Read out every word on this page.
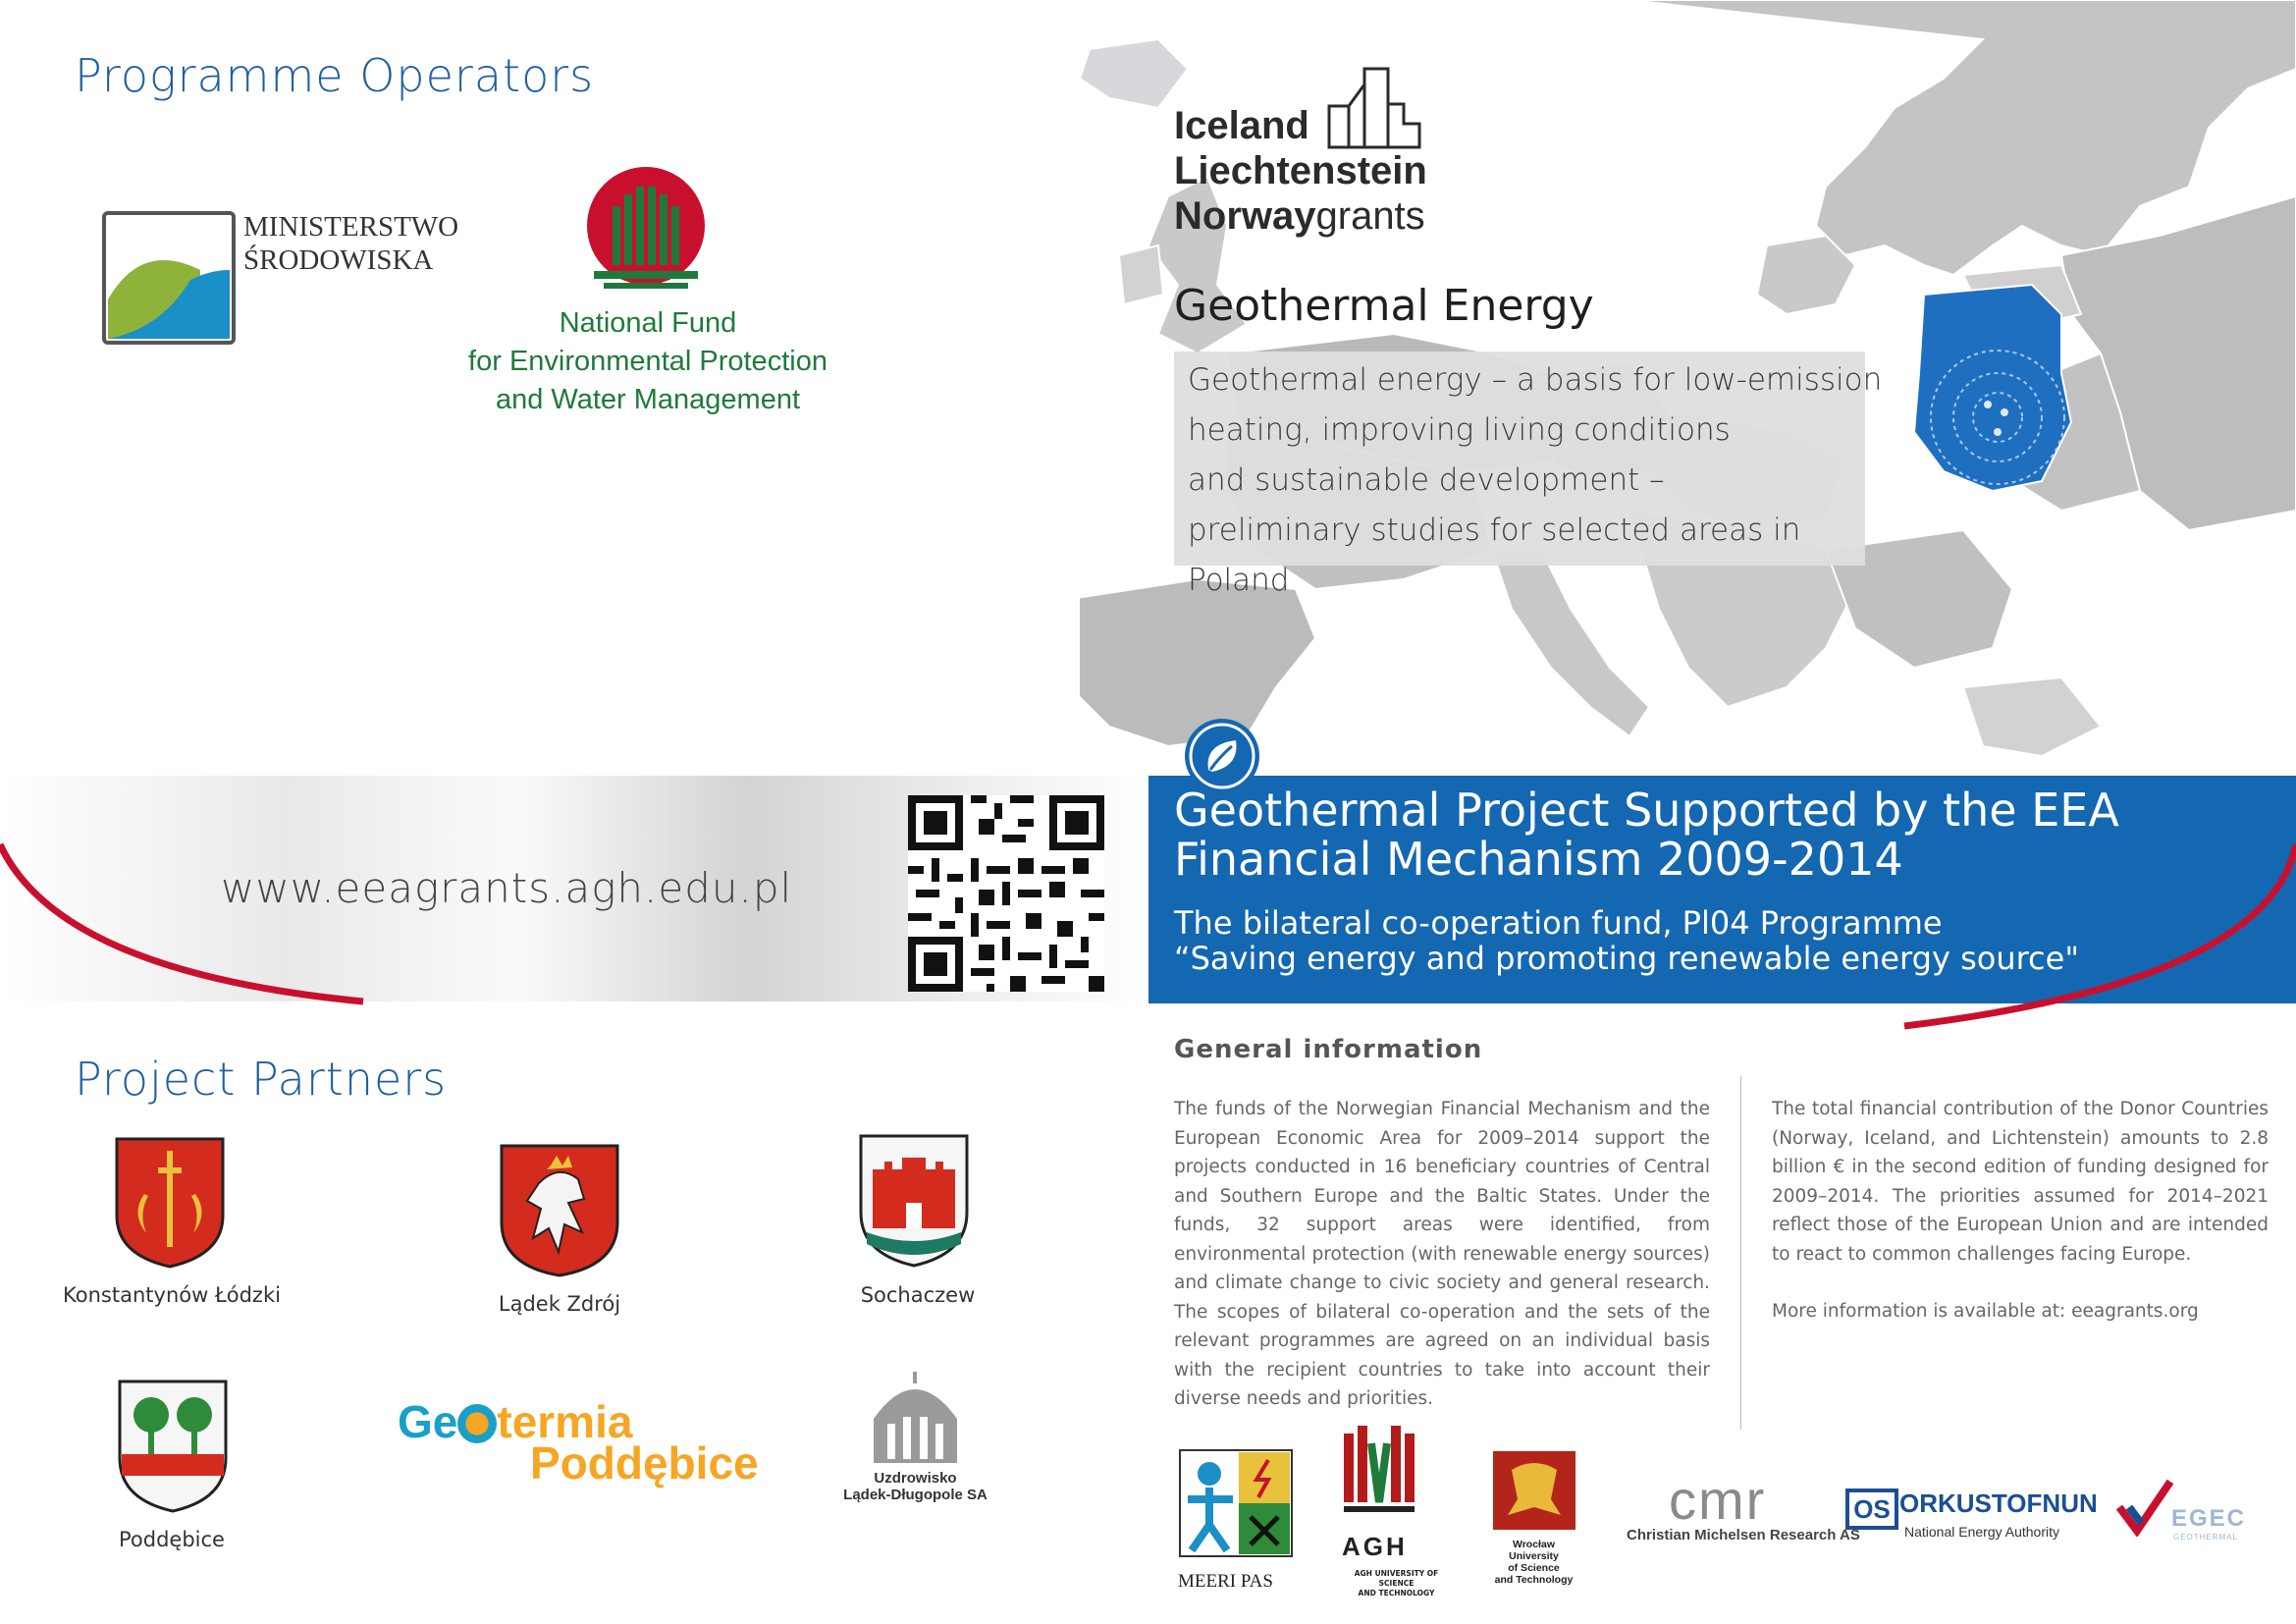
Programme Operators
MINISTERSTWO
ŚRODOWISKA
National Fund
for Environmental Protection
and Water Management
Iceland
Liechtenstein
Norwaygrants
Geothermal Energy
Geothermal energy – a basis for low-emission
heating, improving living conditions
and sustainable development –
preliminary studies for selected areas in Poland
www.eeagrants.agh.edu.pl
Geothermal Project Supported by the EEA
Financial Mechanism 2009-2014
The bilateral co-operation fund, Pl04 Programme
“Saving energy and promoting renewable energy source"
General information
The funds of the Norwegian Financial Mechanism and the European Economic Area for 2009–2014 support the projects conducted in 16 beneficiary countries of Central and Southern Europe and the Baltic States. Under the funds, 32 support areas were identified, from environmental protection (with renewable energy sources) and climate change to civic society and general research. The scopes of bilateral co-operation and the sets of the relevant programmes are agreed on an individual basis with the recipient countries to take into account their diverse needs and priorities.
The total financial contribution of the Donor Countries (Norway, Iceland, and Lichtenstein) amounts to 2.8 billion € in the second edition of funding designed for 2009–2014. The priorities assumed for 2014–2021 reflect those of the European Union and are intended to react to common challenges facing Europe.
More information is available at: eeagrants.org
Project Partners
Konstantynów Łódzki	Lądek Zdrój	Sochaczew
Poddębice
Ge termia
Poddębice	Uzdrowisko
Lądek-Długopole SA
MEERI PAS
AGH
AGH UNIVERSITY OF SCIENCE
AND TECHNOLOGY
Wrocław
University
of Science
and Technology
cmr
Christian Michelsen Research AS
OS ORKUSTOFNUN
National Energy Authority	EGEC
GEOTHERMAL
